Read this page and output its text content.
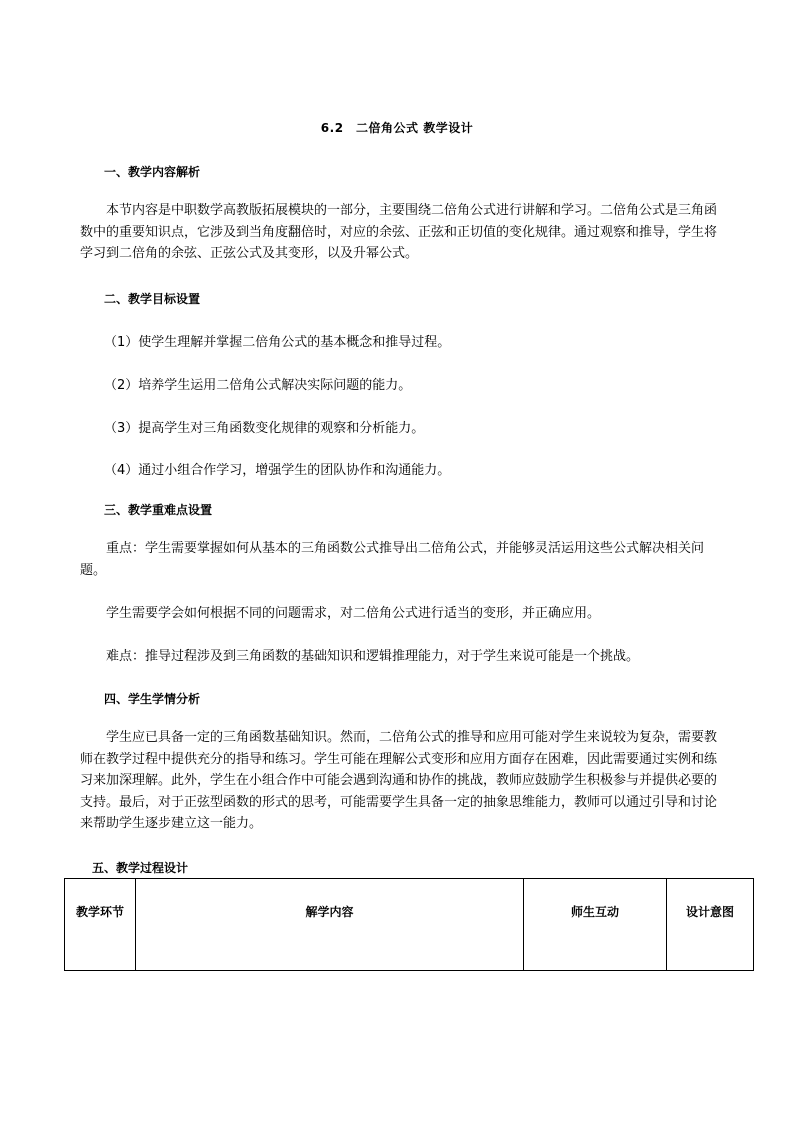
6.2　二倍角公式 教学设计
一、教学内容解析
本节内容是中职数学高教版拓展模块的一部分，主要围绕二倍角公式进行讲解和学习。二倍角公式是三角函数中的重要知识点，它涉及到当角度翻倍时，对应的余弦、正弦和正切值的变化规律。通过观察和推导，学生将学习到二倍角的余弦、正弦公式及其变形，以及升幂公式。
二、教学目标设置
（1）使学生理解并掌握二倍角公式的基本概念和推导过程。
（2）培养学生运用二倍角公式解决实际问题的能力。
（3）提高学生对三角函数变化规律的观察和分析能力。
（4）通过小组合作学习，增强学生的团队协作和沟通能力。
三、教学重难点设置
重点：学生需要掌握如何从基本的三角函数公式推导出二倍角公式，并能够灵活运用这些公式解决相关问题。
学生需要学会如何根据不同的问题需求，对二倍角公式进行适当的变形，并正确应用。
难点：推导过程涉及到三角函数的基础知识和逻辑推理能力，对于学生来说可能是一个挑战。
四、学生学情分析
学生应已具备一定的三角函数基础知识。然而，二倍角公式的推导和应用可能对学生来说较为复杂，需要教师在教学过程中提供充分的指导和练习。学生可能在理解公式变形和应用方面存在困难，因此需要通过实例和练习来加深理解。此外，学生在小组合作中可能会遇到沟通和协作的挑战，教师应鼓励学生积极参与并提供必要的支持。最后，对于正弦型函数的形式的思考，可能需要学生具备一定的抽象思维能力，教师可以通过引导和讨论来帮助学生逐步建立这一能力。
五、教学过程设计
教学环节	解学内容	师生互动	设计意图
